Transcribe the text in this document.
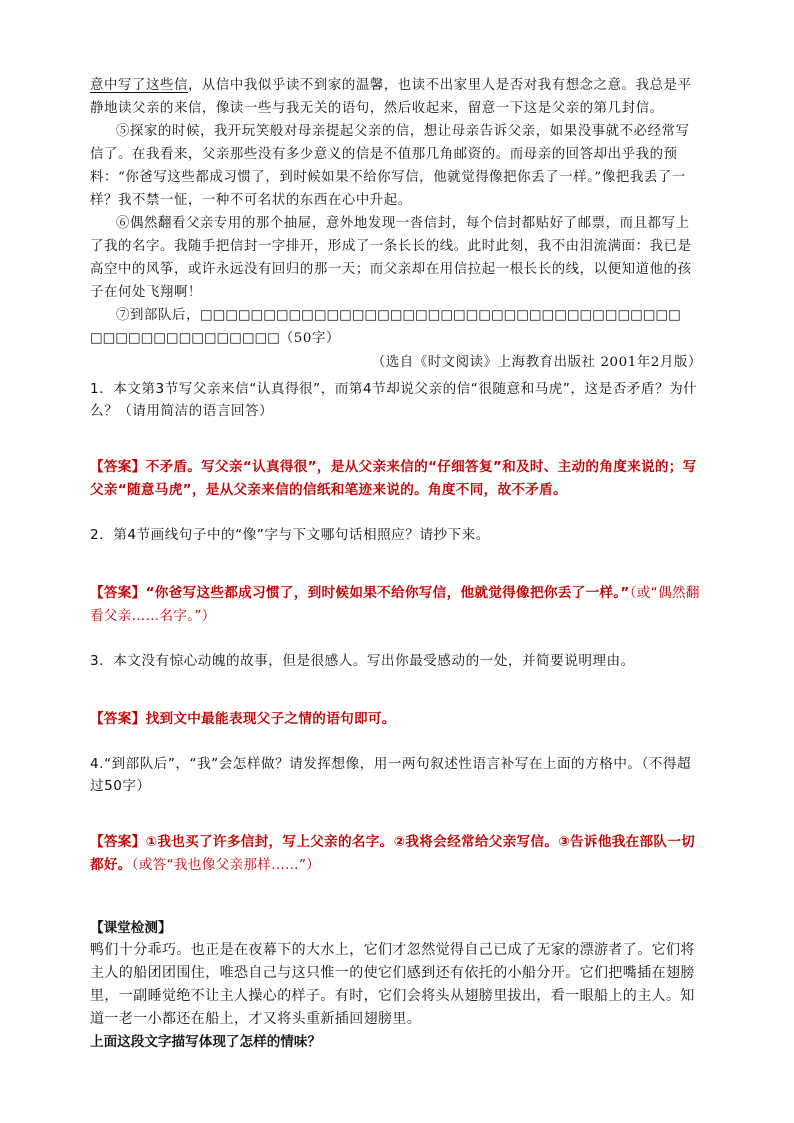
意中写了这些信，从信中我似乎读不到家的温馨，也读不出家里人是否对我有想念之意。我总是平静地读父亲的来信，像读一些与我无关的语句，然后收起来，留意一下这是父亲的第几封信。

⑤探家的时候，我开玩笑般对母亲提起父亲的信，想让母亲告诉父亲，如果没事就不必经常写信了。在我看来，父亲那些没有多少意义的信是不值那几角邮资的。而母亲的回答却出乎我的预料：“你爸写这些都成习惯了，到时候如果不给你写信，他就觉得像把你丢了一样。”像把我丢了一样？我不禁一怔，一种不可名状的东西在心中升起。

⑥偶然翻看父亲专用的那个抽屉，意外地发现一沓信封，每个信封都贴好了邮票，而且都写上了我的名字。我随手把信封一字排开，形成了一条长长的线。此时此刻，我不由泪流满面：我已是高空中的风筝，或许永远没有回归的那一天；而父亲却在用信拉起一根长长的线，以便知道他的孩子在何处飞翔啊！

⑦到部队后，□□□□□□□□□□□□□□□□□□□□□□□□□□□□□□□□□□□□□□

□□□□□□□□□□□□□□□（50字）

（选自《时文阅读》上海教育出版社 2001年2月版）

1．本文第3节写父亲来信“认真得很”，而第4节却说父亲的信“很随意和马虎”，这是否矛盾？为什么？（请用简洁的语言回答）

【答案】不矛盾。写父亲“认真得很”，是从父亲来信的“仔细答复”和及时、主动的角度来说的；写父亲“随意马虎”，是从父亲来信的信纸和笔迹来说的。角度不同，故不矛盾。

2．第4节画线句子中的“像”字与下文哪句话相照应？请抄下来。

【答案】“你爸写这些都成习惯了，到时候如果不给你写信，他就觉得像把你丢了一样。”（或“偶然翻看父亲……名字。”）

3．本文没有惊心动魄的故事，但是很感人。写出你最受感动的一处，并简要说明理由。

【答案】找到文中最能表现父子之情的语句即可。

4.“到部队后”，“我”会怎样做？请发挥想像，用一两句叙述性语言补写在上面的方格中。（不得超过50字）

【答案】①我也买了许多信封，写上父亲的名字。②我将会经常给父亲写信。③告诉他我在部队一切都好。（或答“我也像父亲那样……”）

【课堂检测】

鸭们十分乖巧。也正是在夜幕下的大水上，它们才忽然觉得自己已成了无家的漂游者了。它们将主人的船团团围住，唯恐自己与这只惟一的使它们感到还有依托的小船分开。它们把嘴插在翅膀里，一副睡觉绝不让主人操心的样子。有时，它们会将头从翅膀里拔出，看一眼船上的主人。知道一老一小都还在船上，才又将头重新插回翅膀里。

上面这段文字描写体现了怎样的情味？
